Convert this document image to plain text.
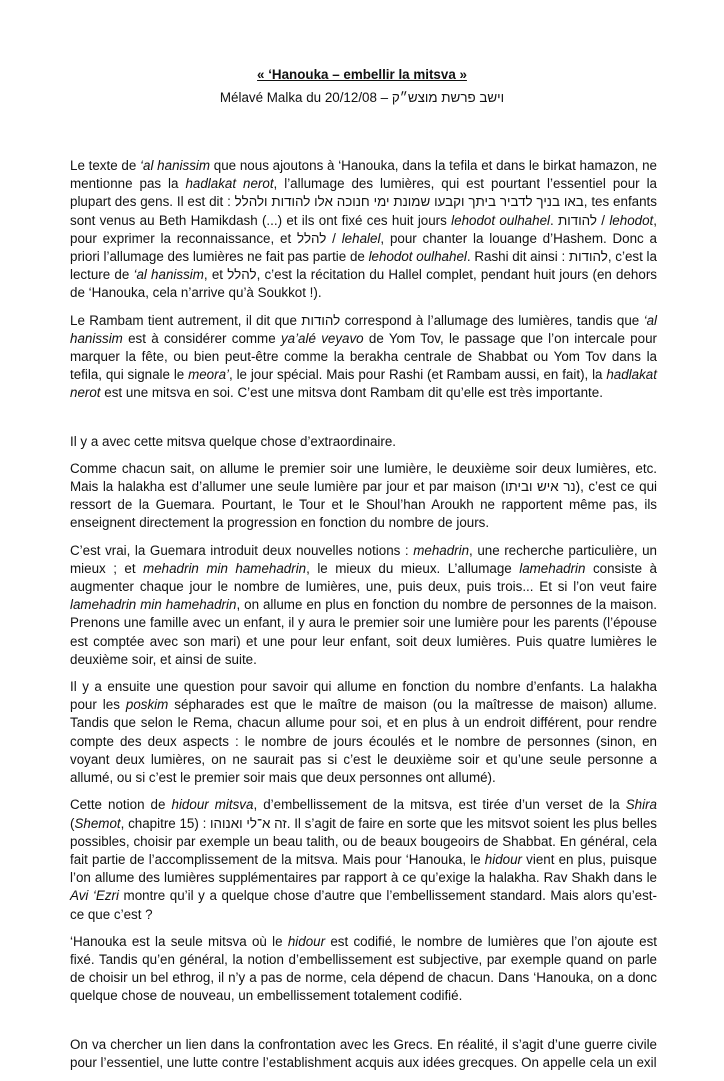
« ‘Hanouka – embellir la mitsva »
Mélavé Malka du 20/12/08 – וישב פרשת מוצש״ק

Le texte de ‘al hanissim que nous ajoutons à ‘Hanouka, dans la tefila et dans le birkat hamazon, ne mentionne pas la hadlakat nerot, l’allumage des lumières, qui est pourtant l’essentiel pour la plupart des gens. Il est dit : באו בניך לדביר ביתך וקבעו שמונת ימי חנוכה אלו להודות ולהלל, tes enfants sont venus au Beth Hamikdash (...) et ils ont fixé ces huit jours lehodot oulhahel. להודות / lehodot, pour exprimer la reconnaissance, et להלל / lehalel, pour chanter la louange d’Hashem. Donc a priori l’allumage des lumières ne fait pas partie de lehodot oulhahel. Rashi dit ainsi : להודות, c’est la lecture de ‘al hanissim, et להלל, c’est la récitation du Hallel complet, pendant huit jours (en dehors de ‘Hanouka, cela n’arrive qu’à Soukkot !).

Le Rambam tient autrement, il dit que להודות correspond à l’allumage des lumières, tandis que ‘al hanissim est à considérer comme ya’alé veyavo de Yom Tov, le passage que l’on intercale pour marquer la fête, ou bien peut-être comme la berakha centrale de Shabbat ou Yom Tov dans la tefila, qui signale le meora’, le jour spécial. Mais pour Rashi (et Rambam aussi, en fait), la hadlakat nerot est une mitsva en soi. C’est une mitsva dont Rambam dit qu’elle est très importante.

Il y a avec cette mitsva quelque chose d’extraordinaire.

Comme chacun sait, on allume le premier soir une lumière, le deuxième soir deux lumières, etc. Mais la halakha est d’allumer une seule lumière par jour et par maison (נר איש וביתו), c’est ce qui ressort de la Guemara. Pourtant, le Tour et le Shoul’han Aroukh ne rapportent même pas, ils enseignent directement la progression en fonction du nombre de jours.

C’est vrai, la Guemara introduit deux nouvelles notions : mehadrin, une recherche particulière, un mieux ; et mehadrin min hamehadrin, le mieux du mieux. L’allumage lamehadrin consiste à augmenter chaque jour le nombre de lumières, une, puis deux, puis trois... Et si l’on veut faire lamehadrin min hamehadrin, on allume en plus en fonction du nombre de personnes de la maison. Prenons une famille avec un enfant, il y aura le premier soir une lumière pour les parents (l’épouse est comptée avec son mari) et une pour leur enfant, soit deux lumières. Puis quatre lumières le deuxième soir, et ainsi de suite.

Il y a ensuite une question pour savoir qui allume en fonction du nombre d’enfants. La halakha pour les poskim sépharades est que le maître de maison (ou la maîtresse de maison) allume. Tandis que selon le Rema, chacun allume pour soi, et en plus à un endroit différent, pour rendre compte des deux aspects : le nombre de jours écoulés et le nombre de personnes (sinon, en voyant deux lumières, on ne saurait pas si c’est le deuxième soir et qu’une seule personne a allumé, ou si c’est le premier soir mais que deux personnes ont allumé).

Cette notion de hidour mitsva, d’embellissement de la mitsva, est tirée d’un verset de la Shira (Shemot, chapitre 15) : זה א־לי ואנוהו. Il s’agit de faire en sorte que les mitsvot soient les plus belles possibles, choisir par exemple un beau talith, ou de beaux bougeoirs de Shabbat. En général, cela fait partie de l’accomplissement de la mitsva. Mais pour ‘Hanouka, le hidour vient en plus, puisque l’on allume des lumières supplémentaires par rapport à ce qu’exige la halakha. Rav Shakh dans le Avi ‘Ezri montre qu’il y a quelque chose d’autre que l’embellissement standard. Mais alors qu’est-ce que c’est ?

‘Hanouka est la seule mitsva où le hidour est codifié, le nombre de lumières que l’on ajoute est fixé. Tandis qu’en général, la notion d’embellissement est subjective, par exemple quand on parle de choisir un bel ethrog, il n’y a pas de norme, cela dépend de chacun. Dans ‘Hanouka, on a donc quelque chose de nouveau, un embellissement totalement codifié.

On va chercher un lien dans la confrontation avec les Grecs. En réalité, il s’agit d’une guerre civile pour l’essentiel, une lutte contre l’establishment acquis aux idées grecques. On appelle cela un exil
